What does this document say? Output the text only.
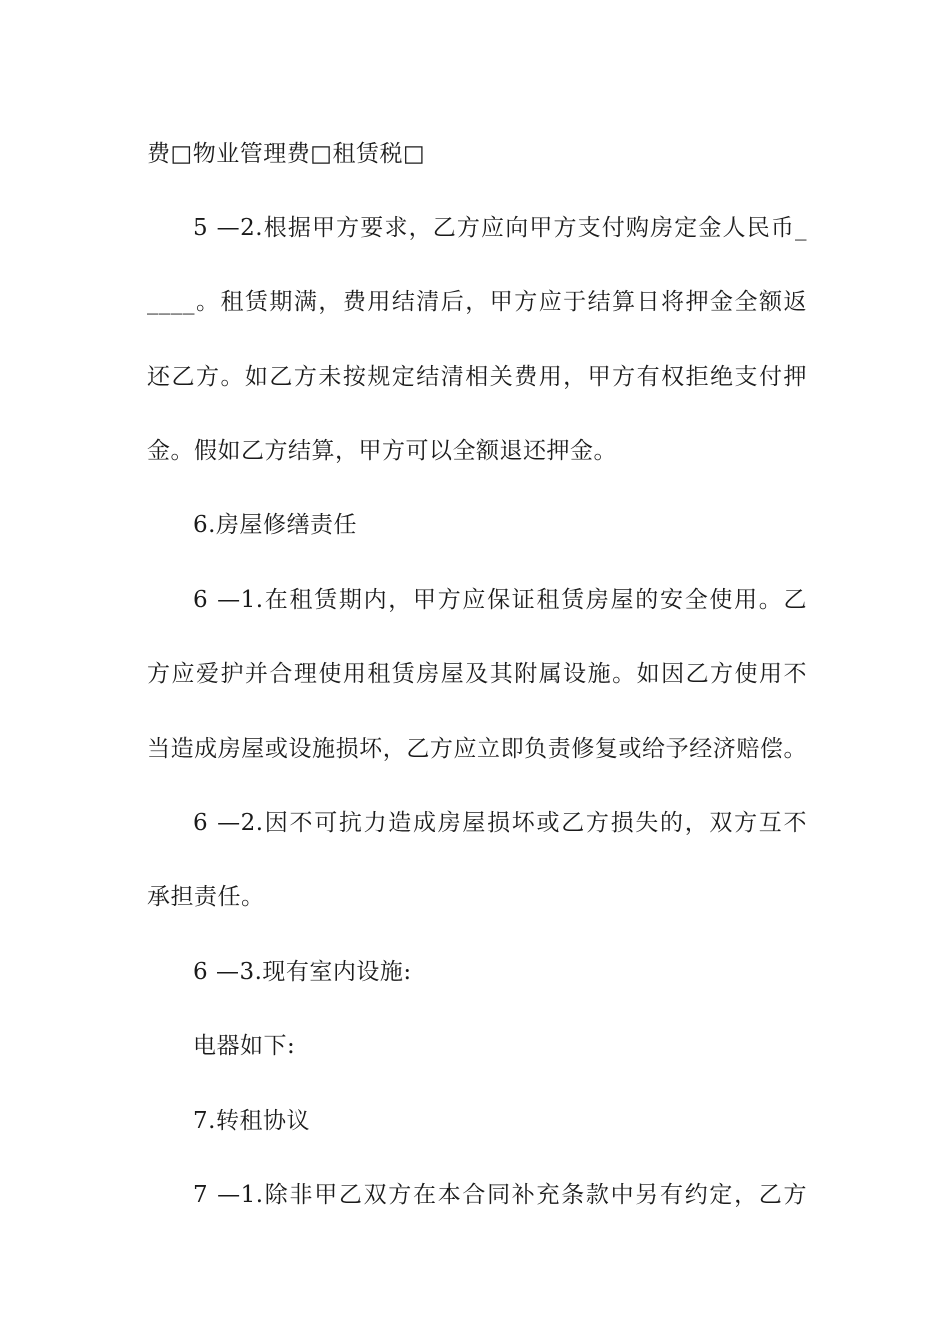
费□物业管理费□租赁税□
5 —2.根据甲方要求，乙方应向甲方支付购房定金人民币_
____。租赁期满，费用结清后，甲方应于结算日将押金全额返
还乙方。如乙方未按规定结清相关费用，甲方有权拒绝支付押
金。假如乙方结算，甲方可以全额退还押金。
6.房屋修缮责任
6 —1.在租赁期内，甲方应保证租赁房屋的安全使用。乙
方应爱护并合理使用租赁房屋及其附属设施。如因乙方使用不
当造成房屋或设施损坏，乙方应立即负责修复或给予经济赔偿。
6 —2.因不可抗力造成房屋损坏或乙方损失的，双方互不
承担责任。
6 —3.现有室内设施:
电器如下:
7.转租协议
7 —1.除非甲乙双方在本合同补充条款中另有约定，乙方
